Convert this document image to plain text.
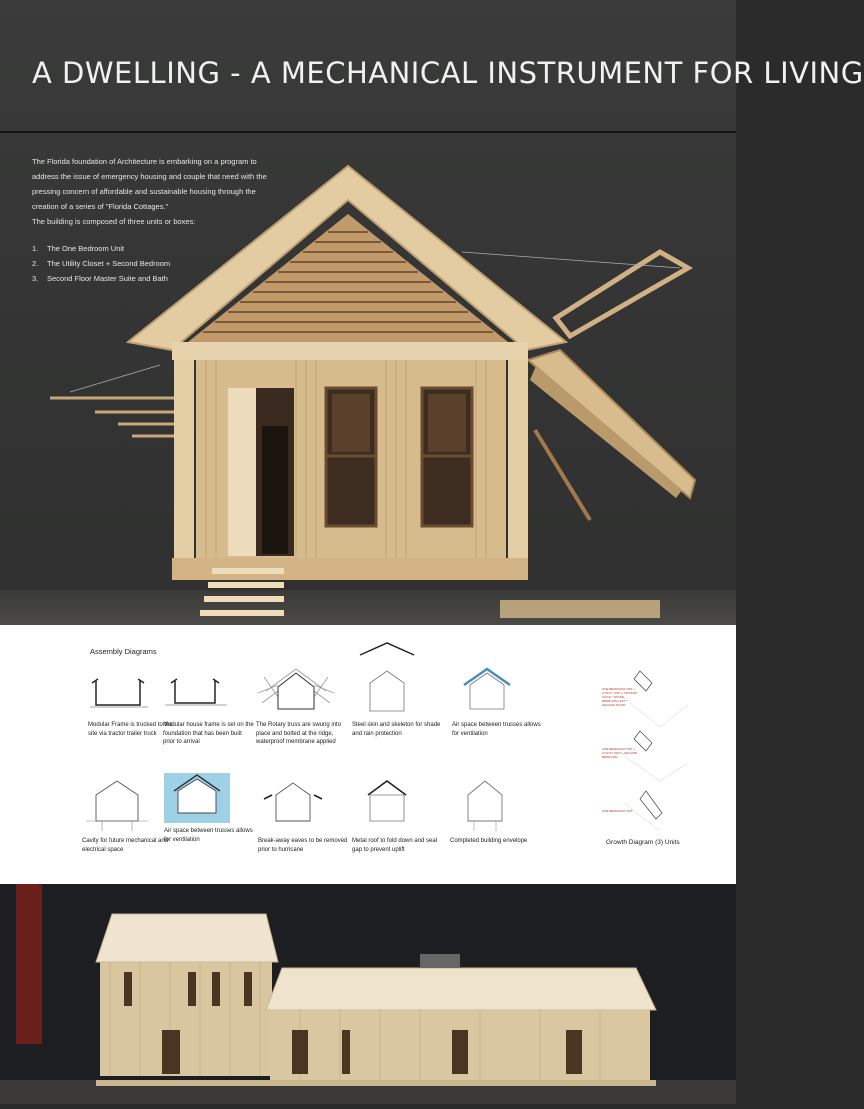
A DWELLING - A MECHANICAL INSTRUMENT FOR LIVING

The Florida foundation of Architecture is embarking on a program to address the issue of emergency housing and couple that need with the pressing concern of affordable and sustainable housing through the creation of a series of "Florida Cottages."

The building is composed of three units or boxes:

1.	The One Bedroom Unit
2.	The Utility Closet + Second Bedroom
3.	Second Floor Master Suite and Bath
Assembly Diagrams
Modular Frame is trucked to the site via tractor trailer truck
Modular house frame is set on the foundation that has been built prior to arrival
The Rotary truss are swung into place and bolted at the ridge, waterproof membrane applied
Steel skin and skeleton for shade and rain protection
Air space between trusses allows for ventilation
Cavity for future mechanical and electrical space
Air space between trusses allows for ventilation	Break-away eaves to be removed prior to hurricane
Metal roof to fold down and seal gap to prevent uplift
Completed building envelope
ONE BEDROOM UNIT + UTILITY UNIT + MASTER SUITE * SPOKE BEDROOM UNIT * SECOND STORY
ONE BEDROOM UNIT + UTILITY UNIT + SECOND BEDROOM
ONE BEDROOM UNIT
Growth Diagram (3) Units
